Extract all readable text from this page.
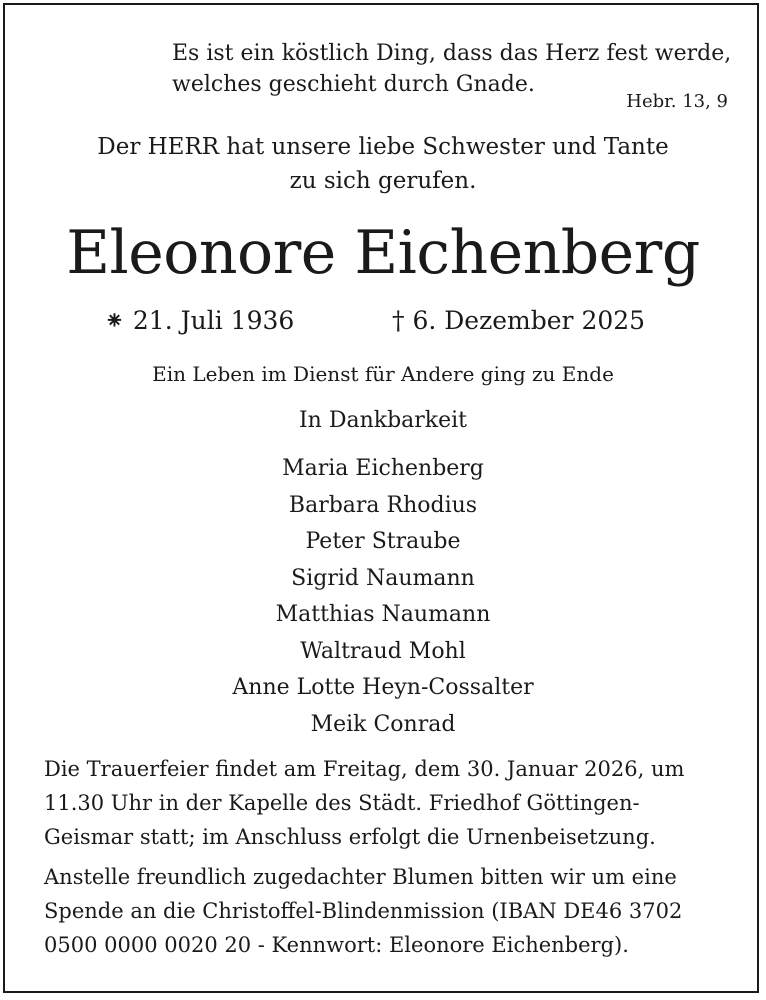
Es ist ein köstlich Ding, dass das Herz fest werde,
welches geschieht durch Gnade.
Hebr. 13, 9
Der HERR hat unsere liebe Schwester und Tante
zu sich gerufen.
Eleonore Eichenberg
⁕ 21. Juli 1936	† 6. Dezember 2025
Ein Leben im Dienst für Andere ging zu Ende
In Dankbarkeit
Maria Eichenberg
Barbara Rhodius
Peter Straube
Sigrid Naumann
Matthias Naumann
Waltraud Mohl
Anne Lotte Heyn-Cossalter
Meik Conrad
Die Trauerfeier findet am Freitag, dem 30. Januar 2026, um
11.30 Uhr in der Kapelle des Städt. Friedhof Göttingen-
Geismar statt; im Anschluss erfolgt die Urnenbeisetzung.
Anstelle freundlich zugedachter Blumen bitten wir um eine
Spende an die Christoffel-Blindenmission (IBAN DE46 3702
0500 0000 0020 20 - Kennwort: Eleonore Eichenberg).
